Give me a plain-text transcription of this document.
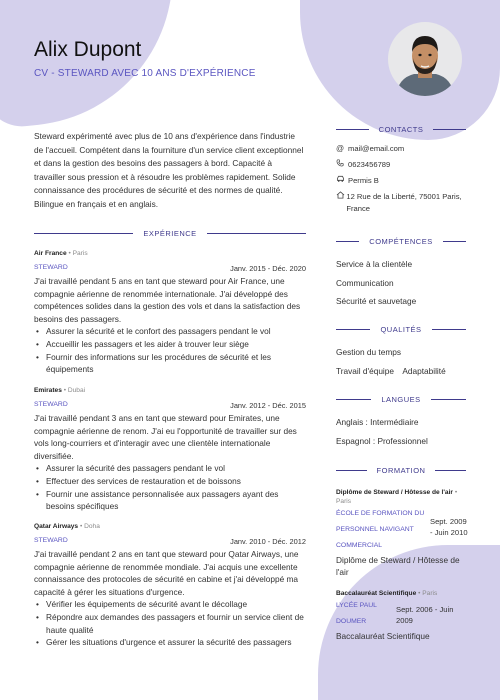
Alix Dupont
CV - STEWARD AVEC 10 ANS D'EXPÉRIENCE
Steward expérimenté avec plus de 10 ans d'expérience dans l'industrie de l'accueil. Compétent dans la fourniture d'un service client exceptionnel et dans la gestion des besoins des passagers à bord. Capacité à travailler sous pression et à résoudre les problèmes rapidement. Solide connaissance des procédures de sécurité et des normes de qualité. Bilingue en français et en anglais.
EXPÉRIENCE
Air France • Paris
STEWARD	Janv. 2015 - Déc. 2020
J'ai travaillé pendant 5 ans en tant que steward pour Air France, une compagnie aérienne de renommée internationale. J'ai développé des compétences solides dans la gestion des vols et dans la satisfaction des besoins des passagers.
• Assurer la sécurité et le confort des passagers pendant le vol
• Accueillir les passagers et les aider à trouver leur siège
• Fournir des informations sur les procédures de sécurité et les équipements
Emirates • Dubai
STEWARD	Janv. 2012 - Déc. 2015
J'ai travaillé pendant 3 ans en tant que steward pour Emirates, une compagnie aérienne de renom. J'ai eu l'opportunité de travailler sur des vols long-courriers et d'interagir avec une clientèle internationale diversifiée.
• Assurer la sécurité des passagers pendant le vol
• Effectuer des services de restauration et de boissons
• Fournir une assistance personnalisée aux passagers ayant des besoins spécifiques
Qatar Airways • Doha
STEWARD	Janv. 2010 - Déc. 2012
J'ai travaillé pendant 2 ans en tant que steward pour Qatar Airways, une compagnie aérienne de renommée mondiale. J'ai acquis une excellente connaissance des protocoles de sécurité en cabine et j'ai développé ma capacité à gérer les situations d'urgence.
• Vérifier les équipements de sécurité avant le décollage
• Répondre aux demandes des passagers et fournir un service client de haute qualité
• Gérer les situations d'urgence et assurer la sécurité des passagers
CONTACTS
@ mail@email.com
0623456789
Permis B
12 Rue de la Liberté, 75001 Paris, France
COMPÉTENCES
Service à la clientèle
Communication
Sécurité et sauvetage
QUALITÉS
Gestion du temps
Travail d'équipe Adaptabilité
LANGUES
Anglais : Intermédiaire
Espagnol : Professionnel
FORMATION
Diplôme de Steward / Hôtesse de l'air • Paris
ÉCOLE DE FORMATION DU PERSONNEL NAVIGANT COMMERCIAL
Sept. 2009 - Juin 2010
Diplôme de Steward / Hôtesse de l'air
Baccalauréat Scientifique • Paris
LYCÉE PAUL DOUMER
Sept. 2006 - Juin 2009
Baccalauréat Scientifique
